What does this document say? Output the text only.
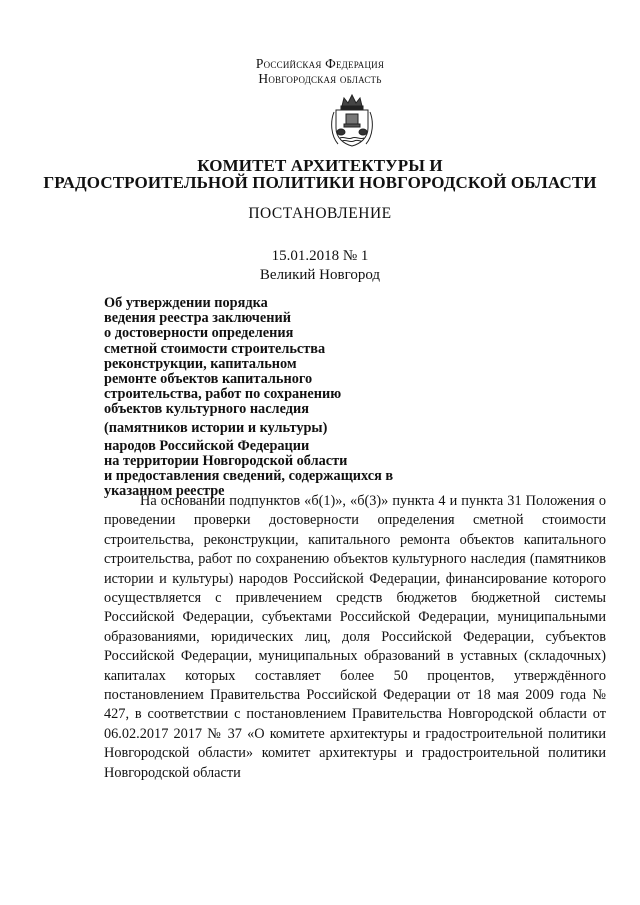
Российская Федерация
Новгородская область
КОМИТЕТ АРХИТЕКТУРЫ И
ГРАДОСТРОИТЕЛЬНОЙ ПОЛИТИКИ НОВГОРОДСКОЙ ОБЛАСТИ
ПОСТАНОВЛЕНИЕ
15.01.2018 № 1
Великий Новгород
Об утверждении порядка
ведения реестра заключений
о достоверности определения
сметной стоимости строительства
реконструкции, капитальном
ремонте объектов капитального
строительства, работ по сохранению
объектов культурного наследия
(памятников истории и культуры)
народов Российской Федерации
на территории Новгородской области
и предоставления сведений, содержащихся в
указанном реестре
На основании подпунктов «б(1)», «б(3)» пункта 4 и пункта 31 Положения о проведении проверки достоверности определения сметной стоимости строительства, реконструкции, капитального ремонта объектов капитального строительства, работ по сохранению объектов культурного наследия (памятников истории и культуры) народов Российской Федерации, финансирование которого осуществляется с привлечением средств бюджетов бюджетной системы Российской Федерации, субъектами Российской Федерации, муниципальными образованиями, юридических лиц, доля Российской Федерации, субъектов Российской Федерации, муниципальных образований в уставных (складочных) капиталах которых составляет более 50 процентов, утверждённого постановлением Правительства Российской Федерации от 18 мая 2009 года № 427, в соответствии с постановлением Правительства Новгородской области от 06.02.2017 2017 № 37 «О комитете архитектуры и градостроительной политики Новгородской области» комитет архитектуры и градостроительной политики Новгородской области
